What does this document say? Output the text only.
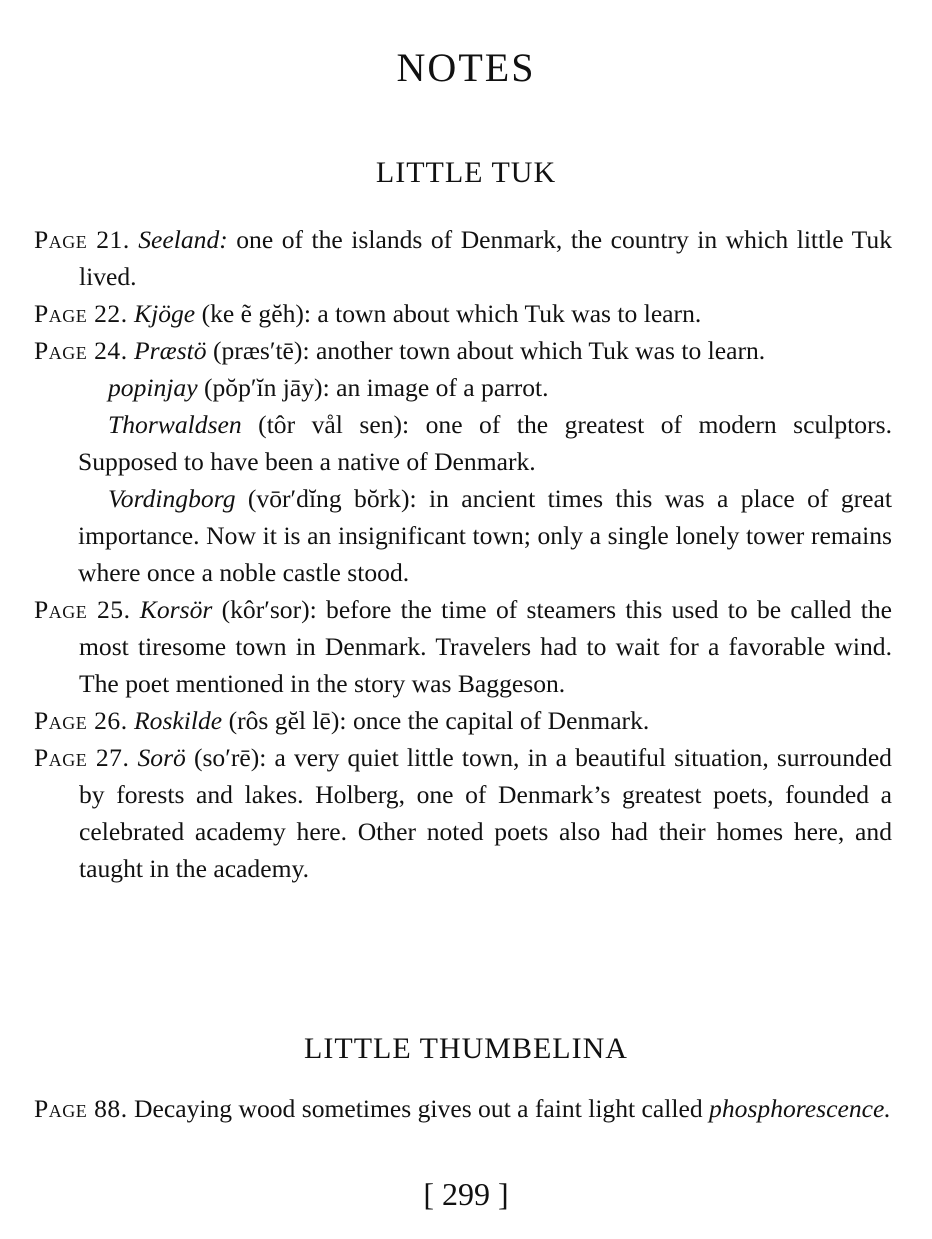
NOTES
LITTLE TUK
Page 21. Seeland: one of the islands of Denmark, the country in which little Tuk lived.
Page 22. Kjöge (ke ẽ gĕh): a town about which Tuk was to learn.
Page 24. Præstö (præs′tē): another town about which Tuk was to learn.
popinjay (pŏp′ĭn jāy): an image of a parrot.
Thorwaldsen (tôr vål sen): one of the greatest of modern sculptors. Supposed to have been a native of Denmark.
Vordingborg (vōr′dĭng bŏrk): in ancient times this was a place of great importance. Now it is an insignificant town; only a single lonely tower remains where once a noble castle stood.
Page 25. Korsör (kôr′sor): before the time of steamers this used to be called the most tiresome town in Denmark. Travelers had to wait for a favorable wind. The poet mentioned in the story was Baggeson.
Page 26. Roskilde (rôs gĕl lē): once the capital of Denmark.
Page 27. Sorö (so′rē): a very quiet little town, in a beautiful situation, surrounded by forests and lakes. Holberg, one of Denmark’s greatest poets, founded a celebrated academy here. Other noted poets also had their homes here, and taught in the academy.
LITTLE THUMBELINA
Page 88. Decaying wood sometimes gives out a faint light called phosphorescence.
[ 299 ]
